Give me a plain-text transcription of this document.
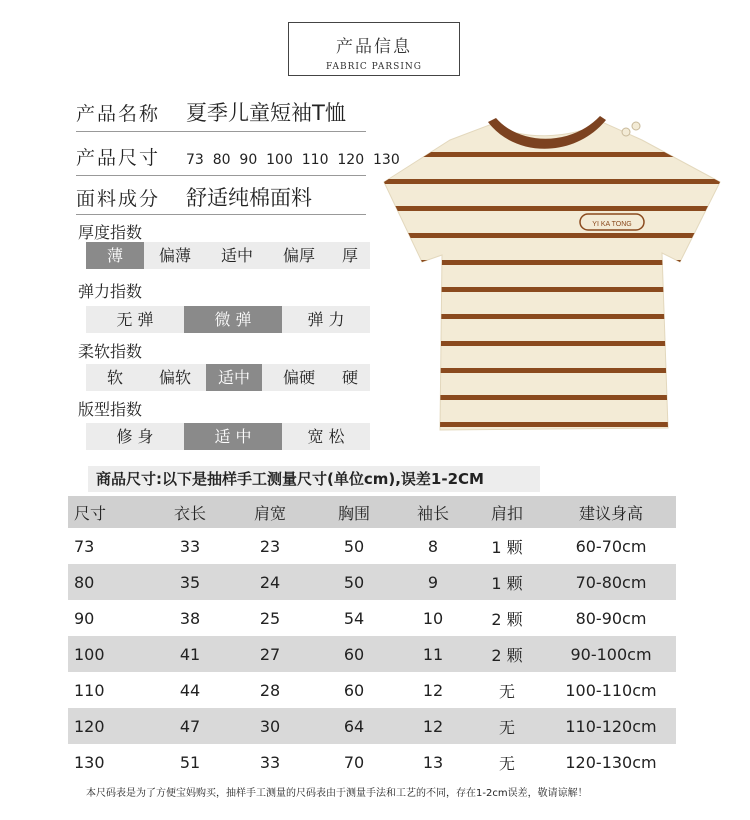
产品信息
FABRIC PARSING
产品名称	夏季儿童短袖T恤
产品尺寸	73  80  90  100  110  120  130
面料成分	舒适纯棉面料
厚度指数
薄	偏薄	适中	偏厚	厚
弹力指数
无 弹	微 弹	弹 力
柔软指数
软	偏软	适中	偏硬	硬
版型指数
修 身	适 中	宽 松
YI KA TONG
商品尺寸:以下是抽样手工测量尺寸(单位cm),误差1-2CM
尺寸	衣长	肩宽	胸围	袖长	肩扣	建议身高
73	33	23	50	8	1 颗	60-70cm
80	35	24	50	9	1 颗	70-80cm
90	38	25	54	10	2 颗	80-90cm
100	41	27	60	11	2 颗	90-100cm
110	44	28	60	12	无	100-110cm
120	47	30	64	12	无	110-120cm
130	51	33	70	13	无	120-130cm
本尺码表是为了方便宝妈购买，抽样手工测量的尺码表由于测量手法和工艺的不同，存在1-2cm误差，敬请谅解！
